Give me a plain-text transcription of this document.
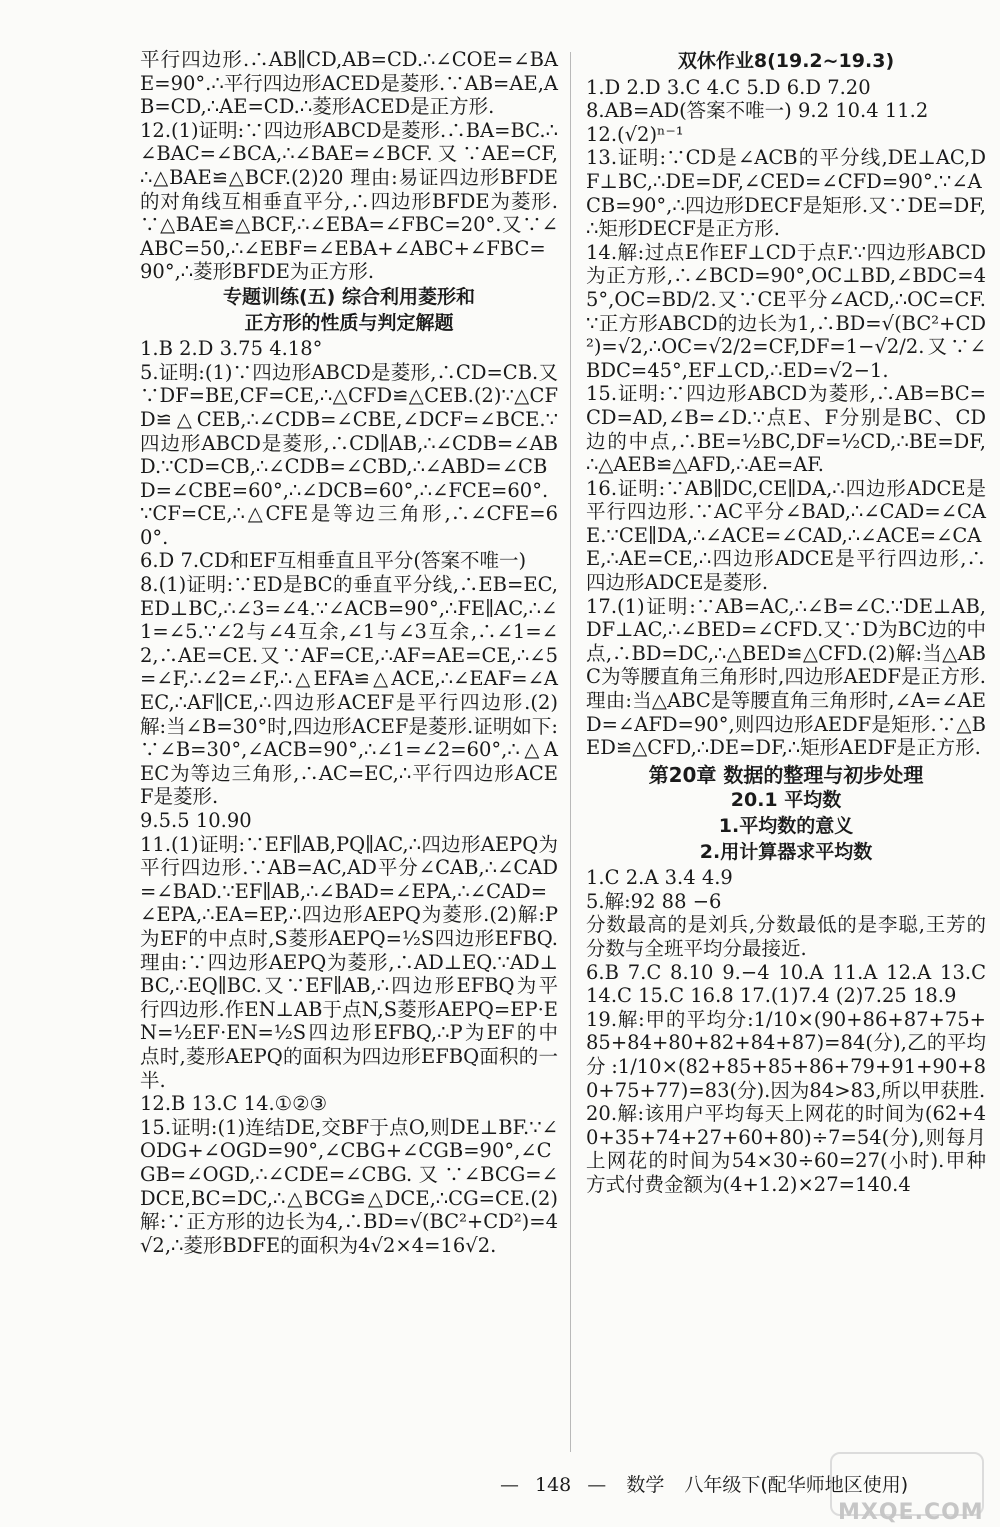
平行四边形.∴AB∥CD,AB=CD.∴∠COE=∠BAE=90°.∴平行四边形ACED是菱形.∵AB=AE,AB=CD,∴AE=CD.∴菱形ACED是正方形.

12.(1)证明:∵四边形ABCD是菱形.∴BA=BC.∴∠BAC=∠BCA,∴∠BAE=∠BCF.又∵AE=CF,∴△BAE≌△BCF.(2)20 理由:易证四边形BFDE的对角线互相垂直平分,∴四边形BFDE为菱形.∵△BAE≌△BCF,∴∠EBA=∠FBC=20°.又∵∠ABC=50,∴∠EBF=∠EBA+∠ABC+∠FBC=90°,∴菱形BFDE为正方形.

专题训练(五) 综合利用菱形和
正方形的性质与判定解题

1.B 2.D 3.75 4.18°

5.证明:(1)∵四边形ABCD是菱形,∴CD=CB.又∵DF=BE,CF=CE,∴△CFD≌△CEB.(2)∵△CFD≌△CEB,∴∠CDB=∠CBE,∠DCF=∠BCE.∵四边形ABCD是菱形,∴CD∥AB,∴∠CDB=∠ABD.∵CD=CB,∴∠CDB=∠CBD,∴∠ABD=∠CBD=∠CBE=60°,∴∠DCB=60°,∴∠FCE=60°.∵CF=CE,∴△CFE是等边三角形,∴∠CFE=60°.

6.D 7.CD和EF互相垂直且平分(答案不唯一)

8.(1)证明:∵ED是BC的垂直平分线,∴EB=EC,ED⊥BC,∴∠3=∠4.∵∠ACB=90°,∴FE∥AC,∴∠1=∠5.∵∠2与∠4互余,∠1与∠3互余,∴∠1=∠2,∴AE=CE.又∵AF=CE,∴AF=AE=CE,∴∠5=∠F,∴∠2=∠F,∴△EFA≌△ACE,∴∠EAF=∠AEC,∴AF∥CE,∴四边形ACEF是平行四边形.(2)解:当∠B=30°时,四边形ACEF是菱形.证明如下:∵∠B=30°,∠ACB=90°,∴∠1=∠2=60°,∴△AEC为等边三角形,∴AC=EC,∴平行四边形ACEF是菱形.

9.5.5 10.90

11.(1)证明:∵EF∥AB,PQ∥AC,∴四边形AEPQ为平行四边形.∵AB=AC,AD平分∠CAB,∴∠CAD=∠BAD.∵EF∥AB,∴∠BAD=∠EPA,∴∠CAD=∠EPA,∴EA=EP,∴四边形AEPQ为菱形.(2)解:P为EF的中点时,S菱形AEPQ=½S四边形EFBQ.理由:∵四边形AEPQ为菱形,∴AD⊥EQ.∵AD⊥BC,∴EQ∥BC.又∵EF∥AB,∴四边形EFBQ为平行四边形.作EN⊥AB于点N,S菱形AEPQ=EP·EN=½EF·EN=½S四边形EFBQ,∴P为EF的中点时,菱形AEPQ的面积为四边形EFBQ面积的一半.

12.B 13.C 14.①②③

15.证明:(1)连结DE,交BF于点O,则DE⊥BF.∵∠ODG+∠OGD=90°,∠CBG+∠CGB=90°,∠CGB=∠OGD,∴∠CDE=∠CBG.又∵∠BCG=∠DCE,BC=DC,∴△BCG≌△DCE,∴CG=CE.(2)解:∵正方形的边长为4,∴BD=√(BC²+CD²)=4√2,∴菱形BDFE的面积为4√2×4=16√2.

双休作业8(19.2~19.3)

1.D 2.D 3.C 4.C 5.D 6.D 7.20

8.AB=AD(答案不唯一) 9.2 10.4 11.2

12.(√2)ⁿ⁻¹

13.证明:∵CD是∠ACB的平分线,DE⊥AC,DF⊥BC,∴DE=DF,∠CED=∠CFD=90°.∵∠ACB=90°,∴四边形DECF是矩形.又∵DE=DF,∴矩形DECF是正方形.

14.解:过点E作EF⊥CD于点F.∵四边形ABCD为正方形,∴∠BCD=90°,OC⊥BD,∠BDC=45°,OC=BD/2.又∵CE平分∠ACD,∴OC=CF.∵正方形ABCD的边长为1,∴BD=√(BC²+CD²)=√2,∴OC=√2/2=CF,DF=1−√2/2.又∵∠BDC=45°,EF⊥CD,∴ED=√2−1.

15.证明:∵四边形ABCD为菱形,∴AB=BC=CD=AD,∠B=∠D.∵点E、F分别是BC、CD边的中点,∴BE=½BC,DF=½CD,∴BE=DF,∴△AEB≌△AFD,∴AE=AF.

16.证明:∵AB∥DC,CE∥DA,∴四边形ADCE是平行四边形.∵AC平分∠BAD,∴∠CAD=∠CAE.∵CE∥DA,∴∠ACE=∠CAD,∴∠ACE=∠CAE,∴AE=CE,∴四边形ADCE是平行四边形,∴四边形ADCE是菱形.

17.(1)证明:∵AB=AC,∴∠B=∠C.∵DE⊥AB,DF⊥AC,∴∠BED=∠CFD.又∵D为BC边的中点,∴BD=DC,∴△BED≌△CFD.(2)解:当△ABC为等腰直角三角形时,四边形AEDF是正方形.理由:当△ABC是等腰直角三角形时,∠A=∠AED=∠AFD=90°,则四边形AEDF是矩形.∵△BED≌△CFD,∴DE=DF,∴矩形AEDF是正方形.

第20章 数据的整理与初步处理
20.1 平均数
1.平均数的意义
2.用计算器求平均数

1.C 2.A 3.4 4.9

5.解:92 88 −6

分数最高的是刘兵,分数最低的是李聪,王芳的分数与全班平均分最接近.

6.B 7.C 8.10 9.−4 10.A 11.A 12.A 13.C 14.C 15.C 16.8 17.(1)7.4 (2)7.25 18.9

19.解:甲的平均分:1/10×(90+86+87+75+85+84+80+82+84+87)=84(分),乙的平均分:1/10×(82+85+85+86+79+91+90+80+75+77)=83(分).因为84>83,所以甲获胜.

20.解:该用户平均每天上网花的时间为(62+40+35+74+27+60+80)÷7=54(分),则每月上网花的时间为54×30÷60=27(小时).甲种方式付费金额为(4+1.2)×27=140.4

— 148 — 数学 八年级下(配华师地区使用)
MXQE.COM
